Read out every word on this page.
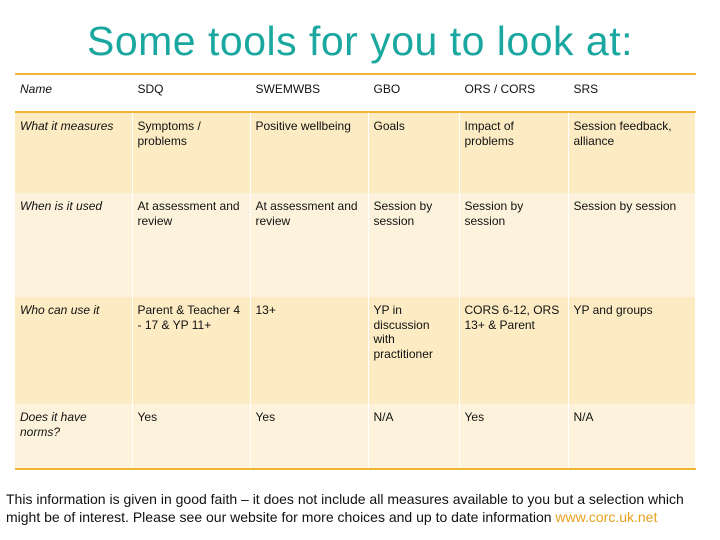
Some tools for you to look at:
Name	SDQ	SWEMWBS	GBO	ORS / CORS	SRS
What it measures	Symptoms / problems	Positive wellbeing	Goals	Impact of problems	Session feedback, alliance
When is it used	At assessment and review	At assessment and review	Session by session	Session by session	Session by session
Who can use it	Parent & Teacher 4 - 17 & YP 11+	13+	YP in discussion with practitioner	CORS 6-12, ORS 13+ & Parent	YP and groups
Does it have norms?	Yes	Yes	N/A	Yes	N/A
This information is given in good faith – it does not include all measures available to you but a selection which might be of interest. Please see our website for more choices and up to date information www.corc.uk.net
